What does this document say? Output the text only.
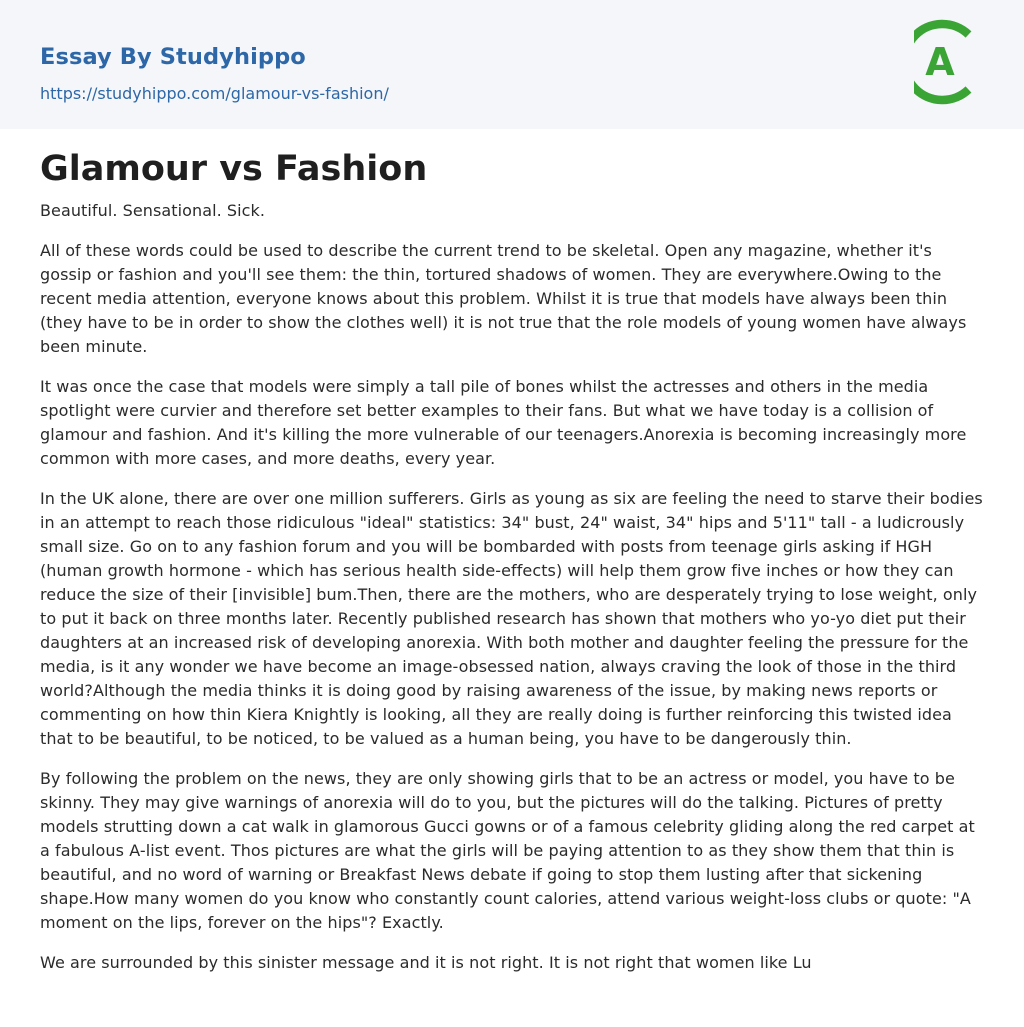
Essay By Studyhippo
https://studyhippo.com/glamour-vs-fashion/
A
Glamour vs Fashion

Beautiful. Sensational. Sick.

All of these words could be used to describe the current trend to be skeletal. Open any magazine, whether it's gossip or fashion and you'll see them: the thin, tortured shadows of women. They are everywhere.Owing to the recent media attention, everyone knows about this problem. Whilst it is true that models have always been thin (they have to be in order to show the clothes well) it is not true that the role models of young women have always been minute.

It was once the case that models were simply a tall pile of bones whilst the actresses and others in the media spotlight were curvier and therefore set better examples to their fans. But what we have today is a collision of glamour and fashion. And it's killing the more vulnerable of our teenagers.Anorexia is becoming increasingly more common with more cases, and more deaths, every year.

In the UK alone, there are over one million sufferers. Girls as young as six are feeling the need to starve their bodies in an attempt to reach those ridiculous "ideal" statistics: 34" bust, 24" waist, 34" hips and 5'11" tall - a ludicrously small size. Go on to any fashion forum and you will be bombarded with posts from teenage girls asking if HGH (human growth hormone - which has serious health side-effects) will help them grow five inches or how they can reduce the size of their [invisible] bum.Then, there are the mothers, who are desperately trying to lose weight, only to put it back on three months later. Recently published research has shown that mothers who yo-yo diet put their daughters at an increased risk of developing anorexia. With both mother and daughter feeling the pressure for the media, is it any wonder we have become an image-obsessed nation, always craving the look of those in the third world?Although the media thinks it is doing good by raising awareness of the issue, by making news reports or commenting on how thin Kiera Knightly is looking, all they are really doing is further reinforcing this twisted idea that to be beautiful, to be noticed, to be valued as a human being, you have to be dangerously thin.

By following the problem on the news, they are only showing girls that to be an actress or model, you have to be skinny. They may give warnings of anorexia will do to you, but the pictures will do the talking. Pictures of pretty models strutting down a cat walk in glamorous Gucci gowns or of a famous celebrity gliding along the red carpet at a fabulous A-list event. Thos pictures are what the girls will be paying attention to as they show them that thin is beautiful, and no word of warning or Breakfast News debate if going to stop them lusting after that sickening shape.How many women do you know who constantly count calories, attend various weight-loss clubs or quote: "A moment on the lips, forever on the hips"? Exactly.

We are surrounded by this sinister message and it is not right. It is not right that women like Lu
